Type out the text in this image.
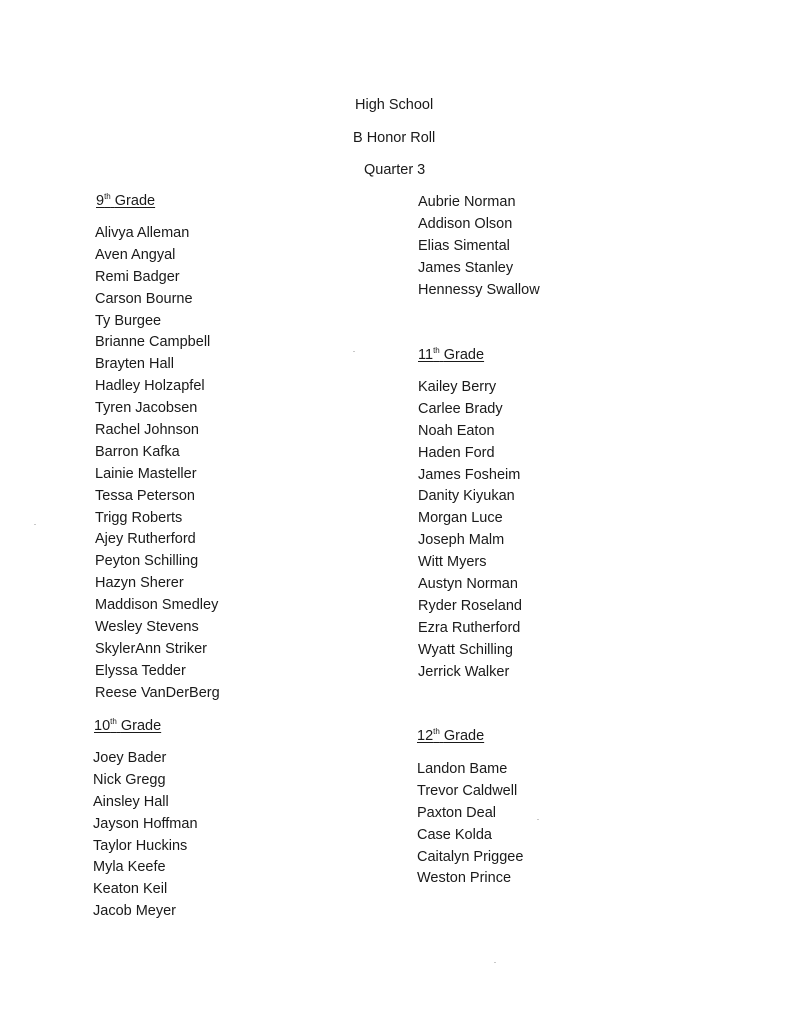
High School
B Honor Roll
Quarter 3
9th Grade
Alivya Alleman
Aven Angyal
Remi Badger
Carson Bourne
Ty Burgee
Brianne Campbell
Brayten Hall
Hadley Holzapfel
Tyren Jacobsen
Rachel Johnson
Barron Kafka
Lainie Masteller
Tessa Peterson
Trigg Roberts
Ajey Rutherford
Peyton Schilling
Hazyn Sherer
Maddison Smedley
Wesley Stevens
SkylerAnn Striker
Elyssa Tedder
Reese VanDerBerg
10th Grade
Joey Bader
Nick Gregg
Ainsley Hall
Jayson Hoffman
Taylor Huckins
Myla Keefe
Keaton Keil
Jacob Meyer
Aubrie Norman
Addison Olson
Elias Simental
James Stanley
Hennessy Swallow
11th Grade
Kailey Berry
Carlee Brady
Noah Eaton
Haden Ford
James Fosheim
Danity Kiyukan
Morgan Luce
Joseph Malm
Witt Myers
Austyn Norman
Ryder Roseland
Ezra Rutherford
Wyatt Schilling
Jerrick Walker
12th Grade
Landon Bame
Trevor Caldwell
Paxton Deal
Case Kolda
Caitalyn Priggee
Weston Prince
